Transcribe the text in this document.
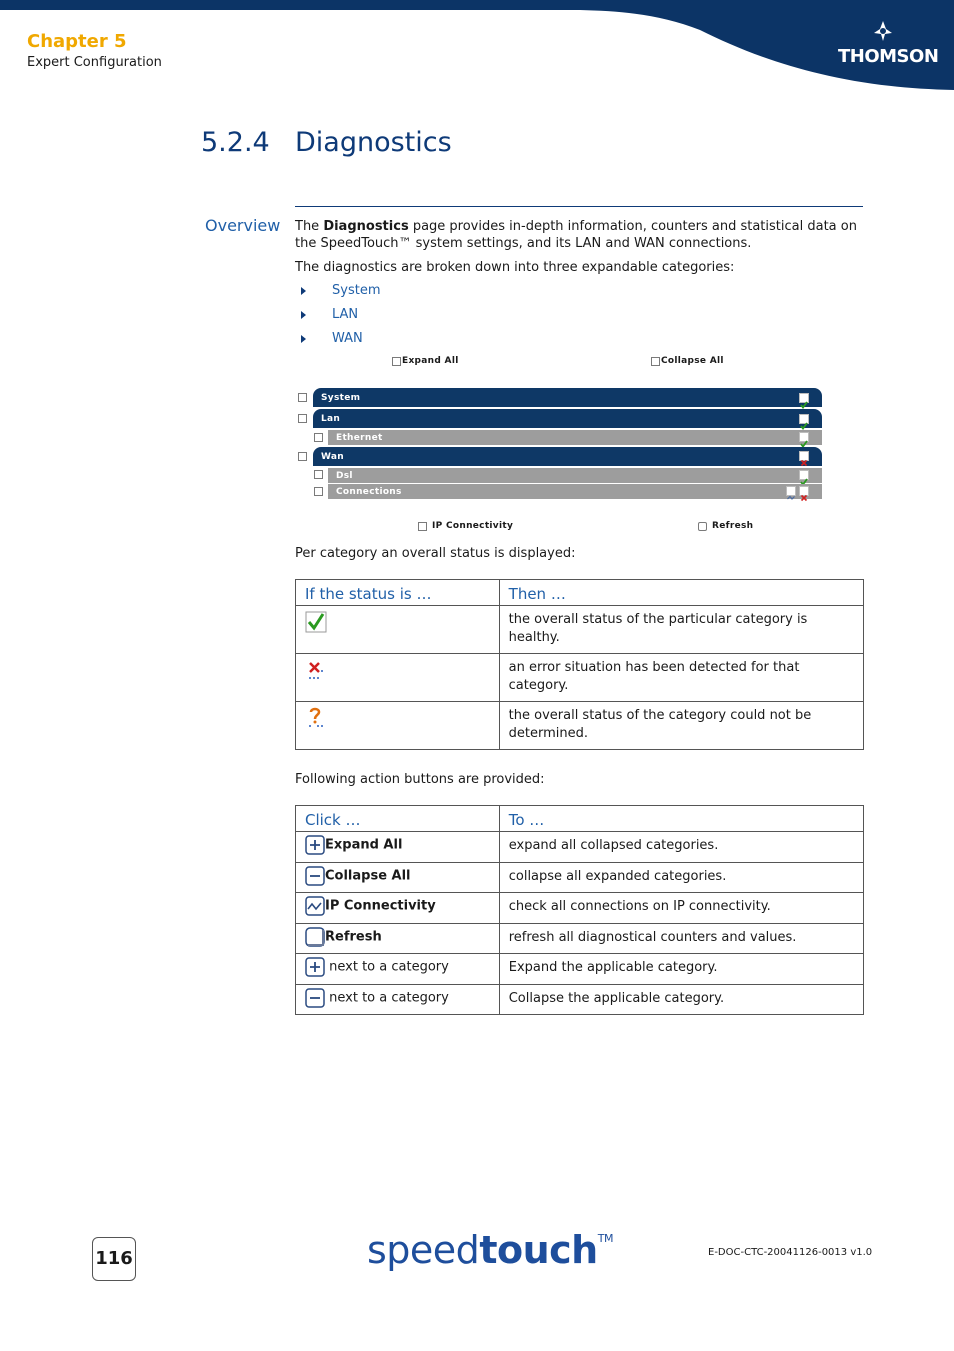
THOMSON
Chapter 5
Expert Configuration
5.2.4 Diagnostics
Overview The Diagnostics page provides in-depth information, counters and statistical data on the SpeedTouch™ system settings, and its LAN and WAN connections.
The diagnostics are broken down into three expandable categories:
System
LAN
WAN
Expand All	Collapse All
System
Lan
Ethernet
Wan
Dsl
Connections
IP Connectivity	Refresh
Per category an overall status is displayed:
If the status is …	Then …
	the overall status of the particular category is healthy.
	an error situation has been detected for that category.
	the overall status of the category could not be determined.
Following action buttons are provided:
Click …	To …
Expand All	expand all collapsed categories.
Collapse All	collapse all expanded categories.
IP Connectivity	check all connections on IP connectivity.
Refresh	refresh all diagnostical counters and values.
next to a category	Expand the applicable category.
next to a category	Collapse the applicable category.
116	speedtouch™
E-DOC-CTC-20041126-0013 v1.0
